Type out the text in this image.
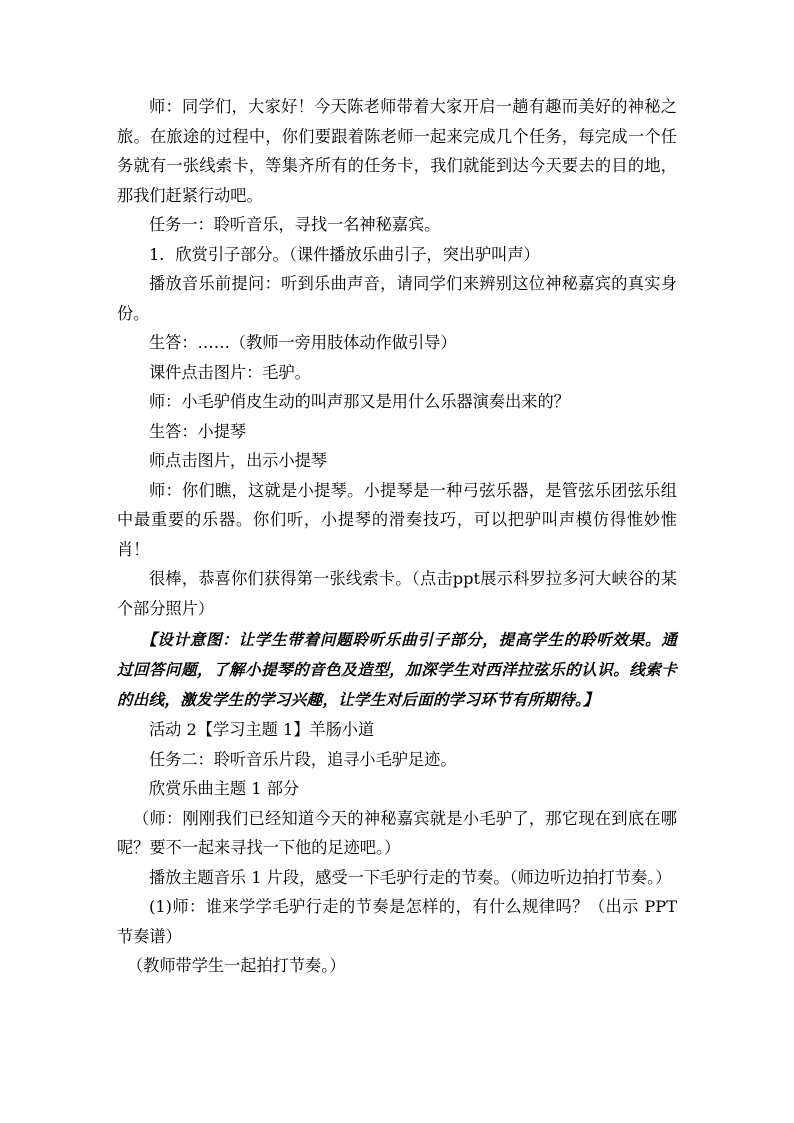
师：同学们，大家好！今天陈老师带着大家开启一趟有趣而美好的神秘之旅。在旅途的过程中，你们要跟着陈老师一起来完成几个任务，每完成一个任务就有一张线索卡，等集齐所有的任务卡，我们就能到达今天要去的目的地，那我们赶紧行动吧。

任务一：聆听音乐，寻找一名神秘嘉宾。

1．欣赏引子部分。（课件播放乐曲引子，突出驴叫声）

播放音乐前提问：听到乐曲声音，请同学们来辨别这位神秘嘉宾的真实身份。

生答：……（教师一旁用肢体动作做引导）

课件点击图片：毛驴。

师：小毛驴俏皮生动的叫声那又是用什么乐器演奏出来的？

生答：小提琴

师点击图片，出示小提琴

师：你们瞧，这就是小提琴。小提琴是一种弓弦乐器，是管弦乐团弦乐组中最重要的乐器。你们听，小提琴的滑奏技巧，可以把驴叫声模仿得惟妙惟肖！

很棒，恭喜你们获得第一张线索卡。（点击ppt展示科罗拉多河大峡谷的某个部分照片）

【设计意图：让学生带着问题聆听乐曲引子部分，提高学生的聆听效果。通过回答问题，了解小提琴的音色及造型，加深学生对西洋拉弦乐的认识。线索卡的出线，激发学生的学习兴趣，让学生对后面的学习环节有所期待。】

活动 2【学习主题 1】羊肠小道

任务二：聆听音乐片段，追寻小毛驴足迹。

欣赏乐曲主题 1 部分

（师：刚刚我们已经知道今天的神秘嘉宾就是小毛驴了，那它现在到底在哪呢？要不一起来寻找一下他的足迹吧。）

播放主题音乐 1 片段，感受一下毛驴行走的节奏。（师边听边拍打节奏。）

(1)师：谁来学学毛驴行走的节奏是怎样的，有什么规律吗？（出示 PPT 节奏谱）

（教师带学生一起拍打节奏。）
